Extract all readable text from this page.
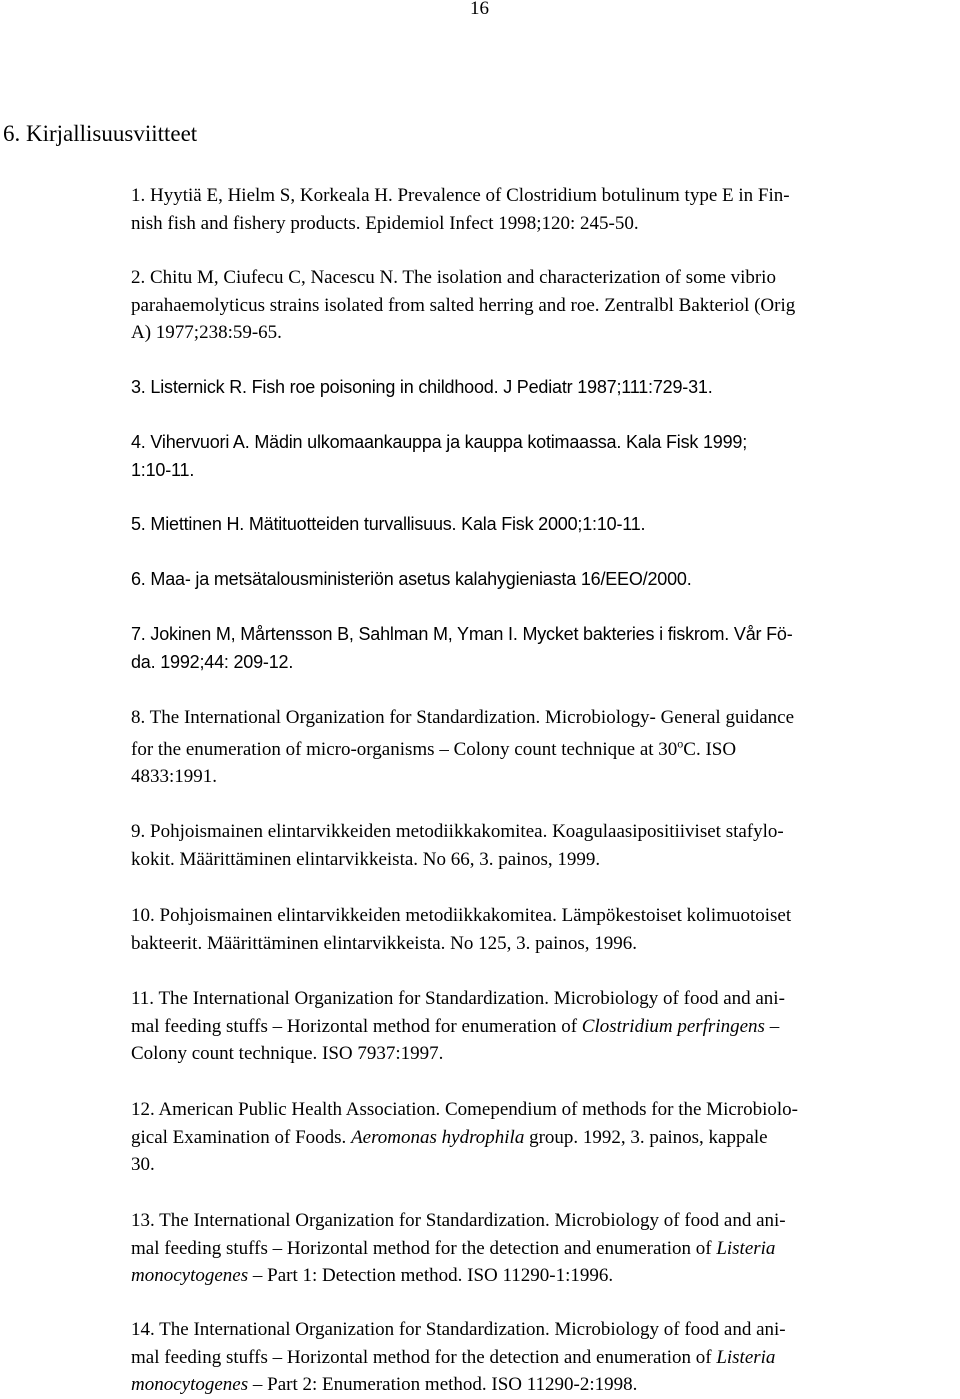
16
6. Kirjallisuusviitteet
1. Hyytiä E, Hielm S, Korkeala H. Prevalence of Clostridium botulinum type E in Fin-
nish fish and fishery products. Epidemiol Infect 1998;120: 245-50.
2. Chitu M, Ciufecu C, Nacescu N. The isolation and characterization of some vibrio
parahaemolyticus strains isolated from salted herring and roe. Zentralbl Bakteriol (Orig
A) 1977;238:59-65.
3. Listernick R. Fish roe poisoning in childhood. J Pediatr 1987;111:729-31.
4. Vihervuori A. Mädin ulkomaankauppa ja kauppa kotimaassa. Kala Fisk 1999;
1:10-11.
5. Miettinen H. Mätituotteiden turvallisuus. Kala Fisk 2000;1:10-11.
6. Maa- ja metsätalousministeriön asetus kalahygieniasta 16/EEO/2000.
7. Jokinen M, Mårtensson B, Sahlman M, Yman I. Mycket bakteries i fiskrom. Vår Fö-
da. 1992;44: 209-12.
8. The International Organization for Standardization. Microbiology- General guidance
for the enumeration of micro-organisms – Colony count technique at 30$^o$C. ISO
4833:1991.
9. Pohjoismainen elintarvikkeiden metodiikkakomitea. Koagulaasipositiiviset stafylo-
kokit. Määrittäminen elintarvikkeista. No 66, 3. painos, 1999.
10. Pohjoismainen elintarvikkeiden metodiikkakomitea. Lämpökestoiset kolimuotoiset
bakteerit. Määrittäminen elintarvikkeista. No 125, 3. painos, 1996.
11. The International Organization for Standardization. Microbiology of food and ani-
mal feeding stuffs – Horizontal method for enumeration of Clostridium perfringens –
Colony count technique. ISO 7937:1997.
12. American Public Health Association. Comependium of methods for the Microbiolo-
gical Examination of Foods. Aeromonas hydrophila group. 1992, 3. painos, kappale
30.
13. The International Organization for Standardization. Microbiology of food and ani-
mal feeding stuffs – Horizontal method for the detection and enumeration of Listeria
monocytogenes – Part 1: Detection method. ISO 11290-1:1996.
14. The International Organization for Standardization. Microbiology of food and ani-
mal feeding stuffs – Horizontal method for the detection and enumeration of Listeria
monocytogenes – Part 2: Enumeration method. ISO 11290-2:1998.
